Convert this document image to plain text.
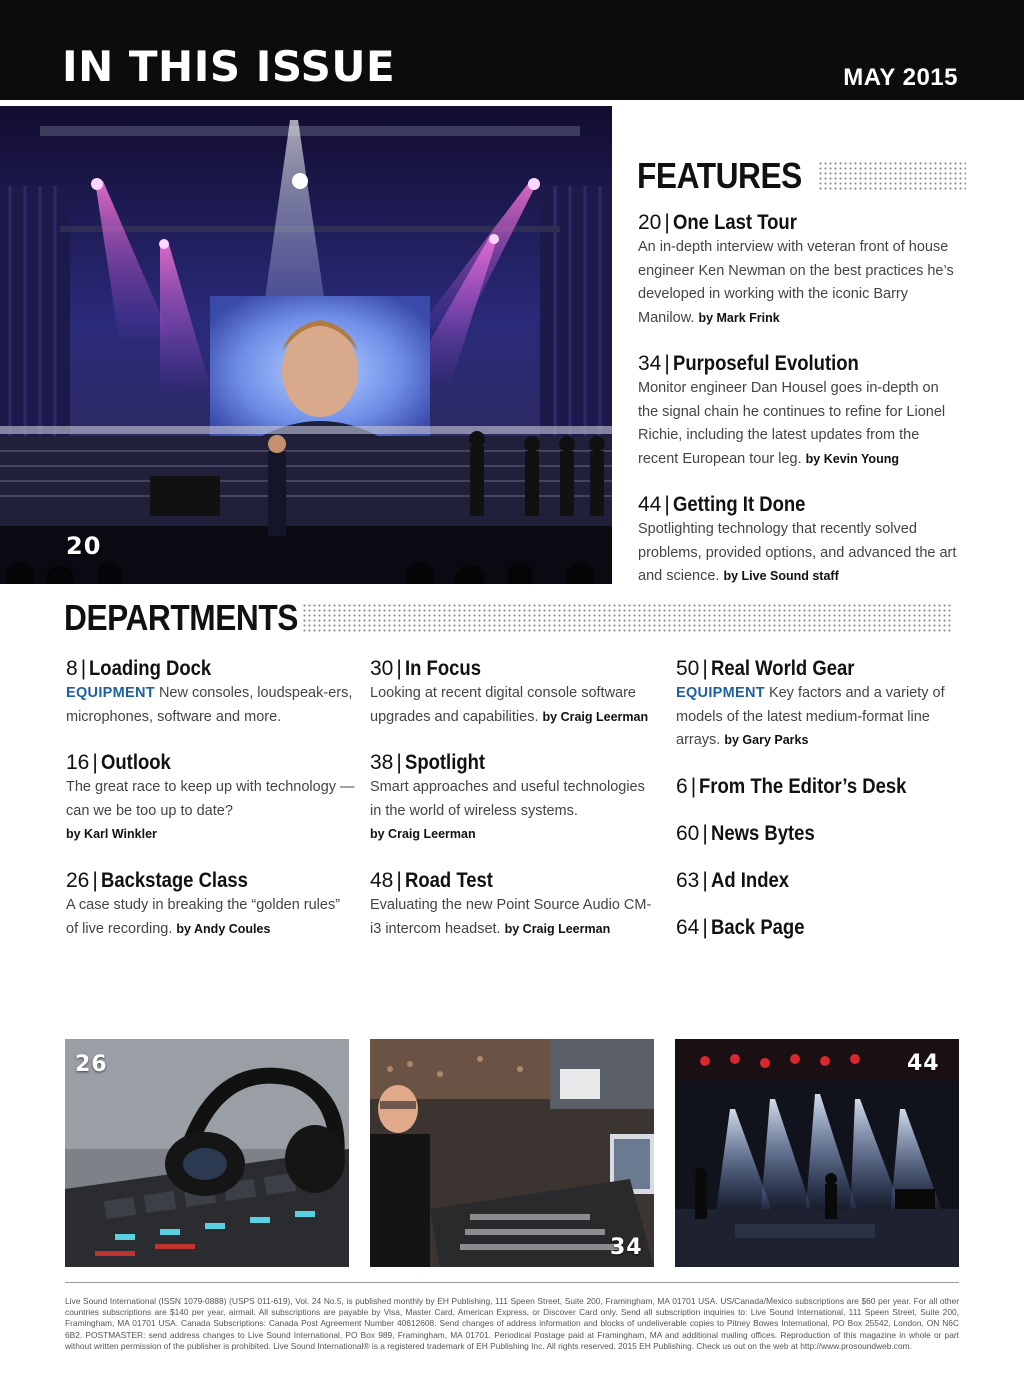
IN THIS ISSUE	MAY 2015
20
FEATURES
20 | One Last Tour
An in-depth interview with veteran front of house engineer Ken Newman on the best practices he’s developed in working with the iconic Barry Manilow. by Mark Frink
34 | Purposeful Evolution
Monitor engineer Dan Housel goes in-depth on the signal chain he continues to refine for Lionel Richie, including the latest updates from the recent European tour leg. by Kevin Young
44 | Getting It Done
Spotlighting technology that recently solved problems, provided options, and advanced the art and science. by Live Sound staff
DEPARTMENTS
8 | Loading Dock
EQUIPMENT New consoles, loudspeak-ers, microphones, software and more.
16 | Outlook
The great race to keep up with technology — can we be too up to date?
by Karl Winkler
26 | Backstage Class
A case study in breaking the “golden rules” of live recording. by Andy Coules
30 | In Focus
Looking at recent digital console software upgrades and capabilities. by Craig Leerman
38 | Spotlight
Smart approaches and useful technologies in the world of wireless systems.
by Craig Leerman
48 | Road Test
Evaluating the new Point Source Audio CM-i3 intercom headset. by Craig Leerman
50 | Real World Gear
EQUIPMENT Key factors and a variety of models of the latest medium-format line arrays. by Gary Parks
6 | From The Editor’s Desk
60 | News Bytes
63 | Ad Index
64 | Back Page
26
34
44
Live Sound International (ISSN 1079-0888) (USPS 011-619), Vol. 24 No.5, is published monthly by EH Publishing, 111 Speen Street, Suite 200, Framingham, MA 01701 USA. US/Canada/Mexico subscriptions are $60 per year. For all other countries subscriptions are $140 per year, airmail. All subscriptions are payable by Visa, Master Card, American Express, or Discover Card only. Send all subscription inquiries to: Live Sound International, 111 Speen Street, Suite 200, Framingham, MA 01701 USA. Canada Subscriptions: Canada Post Agreement Number 40612608. Send changes of address information and blocks of undeliverable copies to Pitney Bowes International, PO Box 25542, London, ON N6C 6B2. POSTMASTER: send address changes to Live Sound International, PO Box 989, Framingham, MA 01701. Periodical Postage paid at Framingham, MA and additional mailing offices. Reproduction of this magazine in whole or part without written permission of the publisher is prohibited. Live Sound International® is a registered trademark of EH Publishing Inc. All rights reserved. 2015 EH Publishing. Check us out on the web at http://www.prosoundweb.com.
